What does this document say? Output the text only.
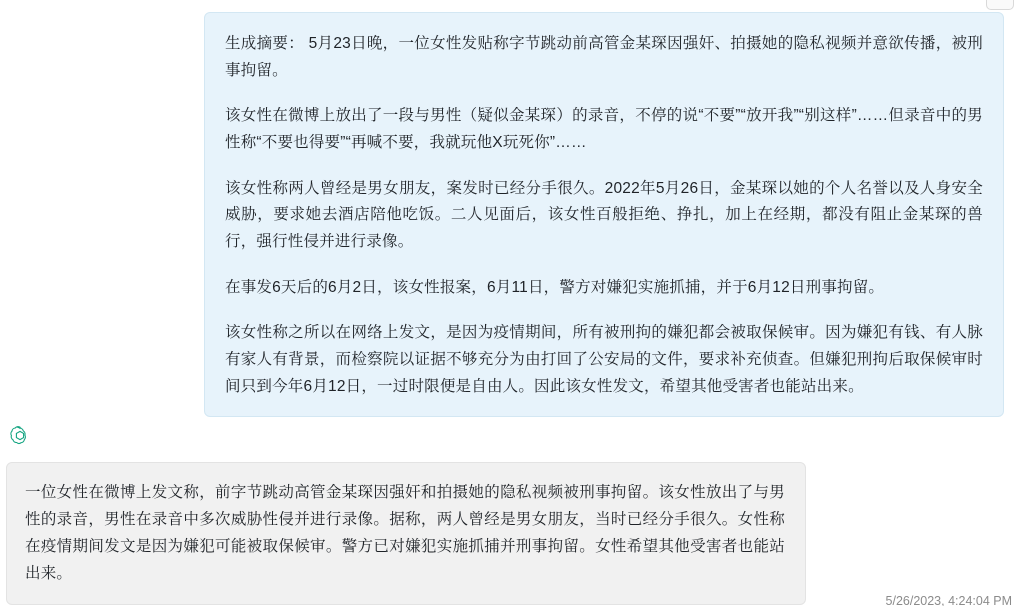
生成摘要： 5月23日晚，一位女性发贴称字节跳动前高管金某琛因强奸、拍摄她的隐私视频并意欲传播，被刑事拘留。

该女性在微博上放出了一段与男性（疑似金某琛）的录音，不停的说“不要”“放开我”“别这样”……但录音中的男性称“不要也得要”“再喊不要，我就玩他X玩死你”……

该女性称两人曾经是男女朋友，案发时已经分手很久。2022年5月26日，金某琛以她的个人名誉以及人身安全威胁，要求她去酒店陪他吃饭。二人见面后，该女性百般拒绝、挣扎，加上在经期，都没有阻止金某琛的兽行，强行性侵并进行录像。

在事发6天后的6月2日，该女性报案，6月11日，警方对嫌犯实施抓捕，并于6月12日刑事拘留。

该女性称之所以在网络上发文，是因为疫情期间，所有被刑拘的嫌犯都会被取保候审。因为嫌犯有钱、有人脉有家人有背景，而检察院以证据不够充分为由打回了公安局的文件，要求补充侦查。但嫌犯刑拘后取保候审时间只到今年6月12日，一过时限便是自由人。因此该女性发文，希望其他受害者也能站出来。

一位女性在微博上发文称，前字节跳动高管金某琛因强奸和拍摄她的隐私视频被刑事拘留。该女性放出了与男性的录音，男性在录音中多次威胁性侵并进行录像。据称，两人曾经是男女朋友，当时已经分手很久。女性称在疫情期间发文是因为嫌犯可能被取保候审。警方已对嫌犯实施抓捕并刑事拘留。女性希望其他受害者也能站出来。

5/26/2023, 4:24:04 PM
